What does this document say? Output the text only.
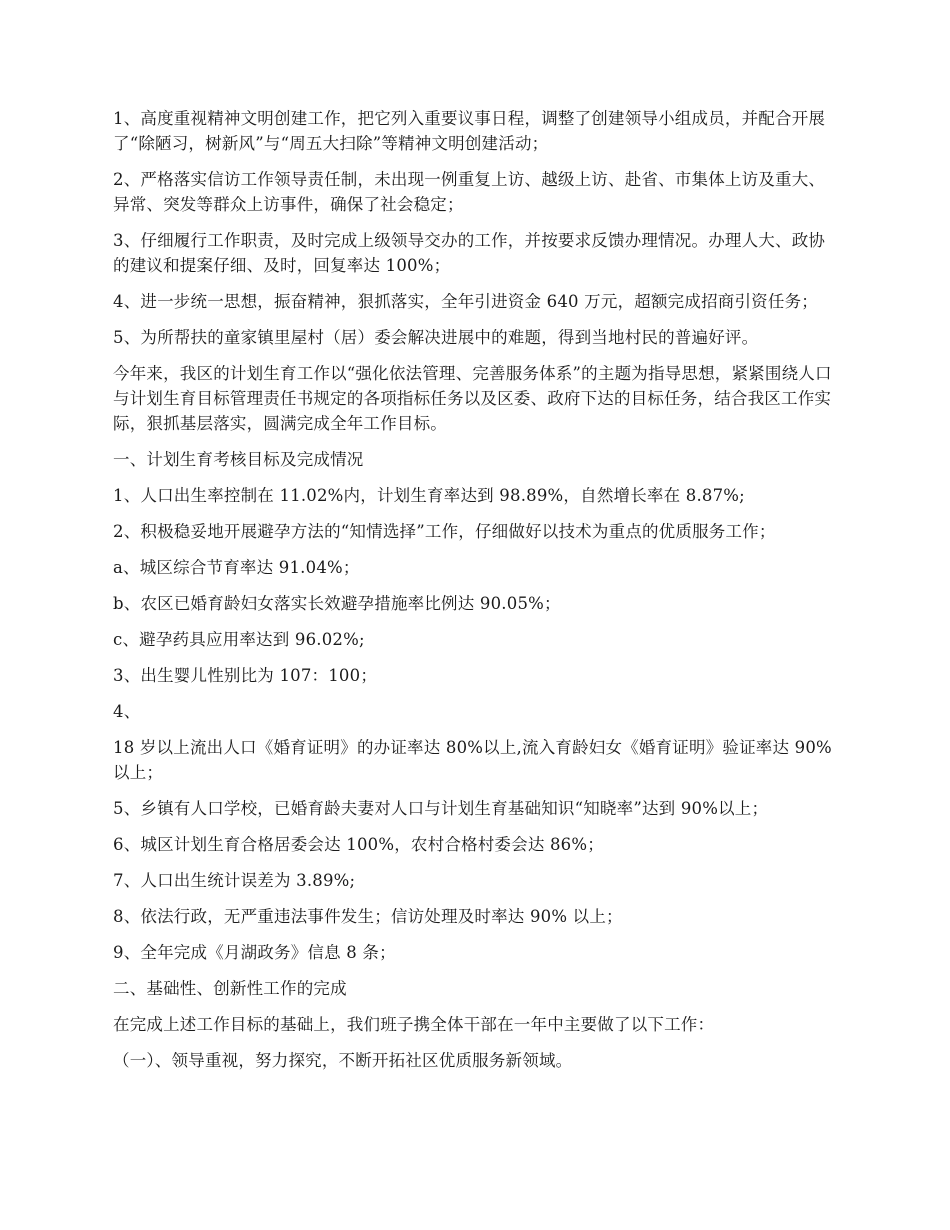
1、高度重视精神文明创建工作，把它列入重要议事日程，调整了创建领导小组成员，并配合开展了“除陋习，树新风”与“周五大扫除”等精神文明创建活动；

2、严格落实信访工作领导责任制，未出现一例重复上访、越级上访、赴省、市集体上访及重大、异常、突发等群众上访事件，确保了社会稳定；

3、仔细履行工作职责，及时完成上级领导交办的工作，并按要求反馈办理情况。办理人大、政协的建议和提案仔细、及时，回复率达 100%；

4、进一步统一思想，振奋精神，狠抓落实，全年引进资金 640 万元，超额完成招商引资任务；

5、为所帮扶的童家镇里屋村（居）委会解决进展中的难题，得到当地村民的普遍好评。

今年来，我区的计划生育工作以“强化依法管理、完善服务体系”的主题为指导思想，紧紧围绕人口与计划生育目标管理责任书规定的各项指标任务以及区委、政府下达的目标任务，结合我区工作实际，狠抓基层落实，圆满完成全年工作目标。

一、计划生育考核目标及完成情况

1、人口出生率控制在 11.02%内，计划生育率达到 98.89%，自然增长率在 8.87%;

2、积极稳妥地开展避孕方法的“知情选择”工作，仔细做好以技术为重点的优质服务工作；

a、城区综合节育率达 91.04%；

b、农区已婚育龄妇女落实长效避孕措施率比例达 90.05%；

c、避孕药具应用率达到 96.02%;

3、出生婴儿性别比为 107：100；

4、

18 岁以上流出人口《婚育证明》的办证率达 80%以上,流入育龄妇女《婚育证明》验证率达 90%以上；

5、乡镇有人口学校，已婚育龄夫妻对人口与计划生育基础知识“知晓率”达到 90%以上；

6、城区计划生育合格居委会达 100%，农村合格村委会达 86%；

7、人口出生统计误差为 3.89%;

8、依法行政，无严重违法事件发生；信访处理及时率达 90% 以上；

9、全年完成《月湖政务》信息 8 条；

二、基础性、创新性工作的完成

在完成上述工作目标的基础上，我们班子携全体干部在一年中主要做了以下工作：

（一）、领导重视，努力探究，不断开拓社区优质服务新领域。
